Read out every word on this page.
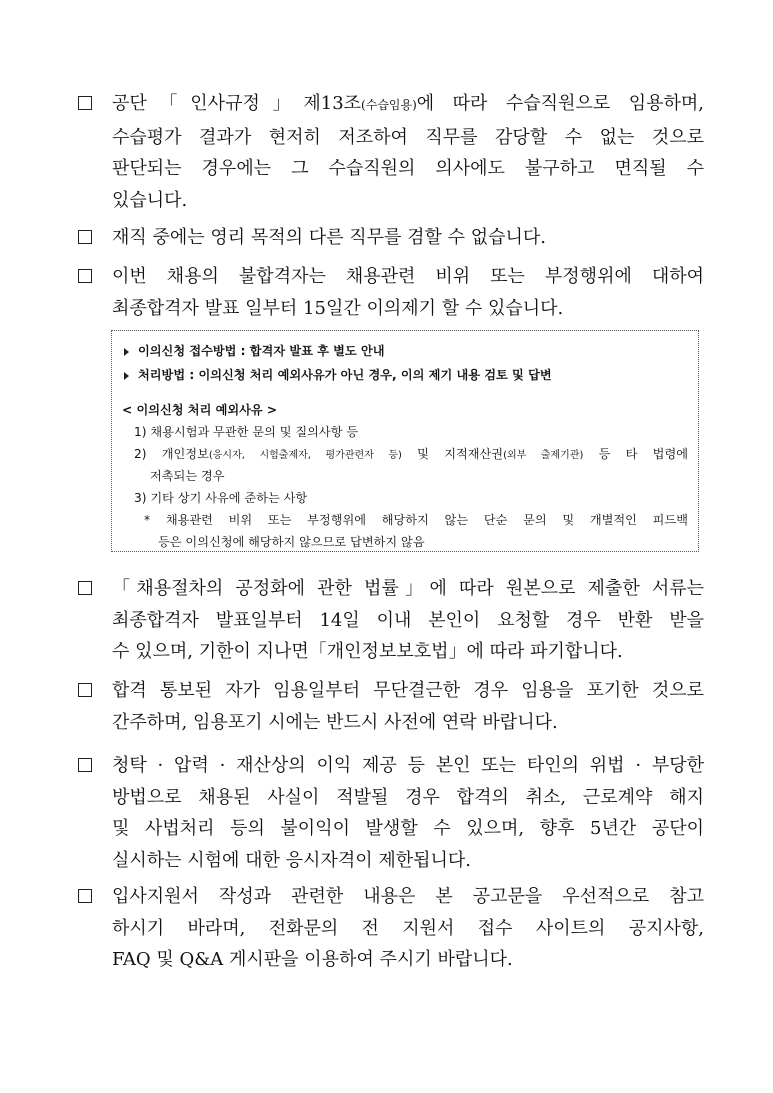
공단「인사규정」제13조(수습임용)에 따라 수습직원으로 임용하며,
수습평가 결과가 현저히 저조하여 직무를 감당할 수 없는 것으로
판단되는 경우에는 그 수습직원의 의사에도 불구하고 면직될 수
있습니다.
재직 중에는 영리 목적의 다른 직무를 겸할 수 없습니다.
이번 채용의 불합격자는 채용관련 비위 또는 부정행위에 대하여
최종합격자 발표 일부터 15일간 이의제기 할 수 있습니다.
이의신청 접수방법 : 합격자 발표 후 별도 안내
처리방법 : 이의신청 처리 예외사유가 아닌 경우, 이의 제기 내용 검토 및 답변
< 이의신청 처리 예외사유 >
1) 채용시험과 무관한 문의 및 질의사항 등
2) 개인정보(응시자, 시험출제자, 평가관련자 등) 및 지적재산권(외부 출제기관) 등 타 법령에
저촉되는 경우
3) 기타 상기 사유에 준하는 사항
* 채용관련 비위 또는 부정행위에 해당하지 않는 단순 문의 및 개별적인 피드백
등은 이의신청에 해당하지 않으므로 답변하지 않음
「채용절차의 공정화에 관한 법률」에 따라 원본으로 제출한 서류는
최종합격자 발표일부터 14일 이내 본인이 요청할 경우 반환 받을
수 있으며, 기한이 지나면「개인정보보호법」에 따라 파기합니다.
합격 통보된 자가 임용일부터 무단결근한 경우 임용을 포기한 것으로
간주하며, 임용포기 시에는 반드시 사전에 연락 바랍니다.
청탁 · 압력 · 재산상의 이익 제공 등 본인 또는 타인의 위법 · 부당한
방법으로 채용된 사실이 적발될 경우 합격의 취소, 근로계약 해지
및 사법처리 등의 불이익이 발생할 수 있으며, 향후 5년간 공단이
실시하는 시험에 대한 응시자격이 제한됩니다.
입사지원서 작성과 관련한 내용은 본 공고문을 우선적으로 참고
하시기 바라며, 전화문의 전 지원서 접수 사이트의 공지사항,
FAQ 및 Q&A 게시판을 이용하여 주시기 바랍니다.
